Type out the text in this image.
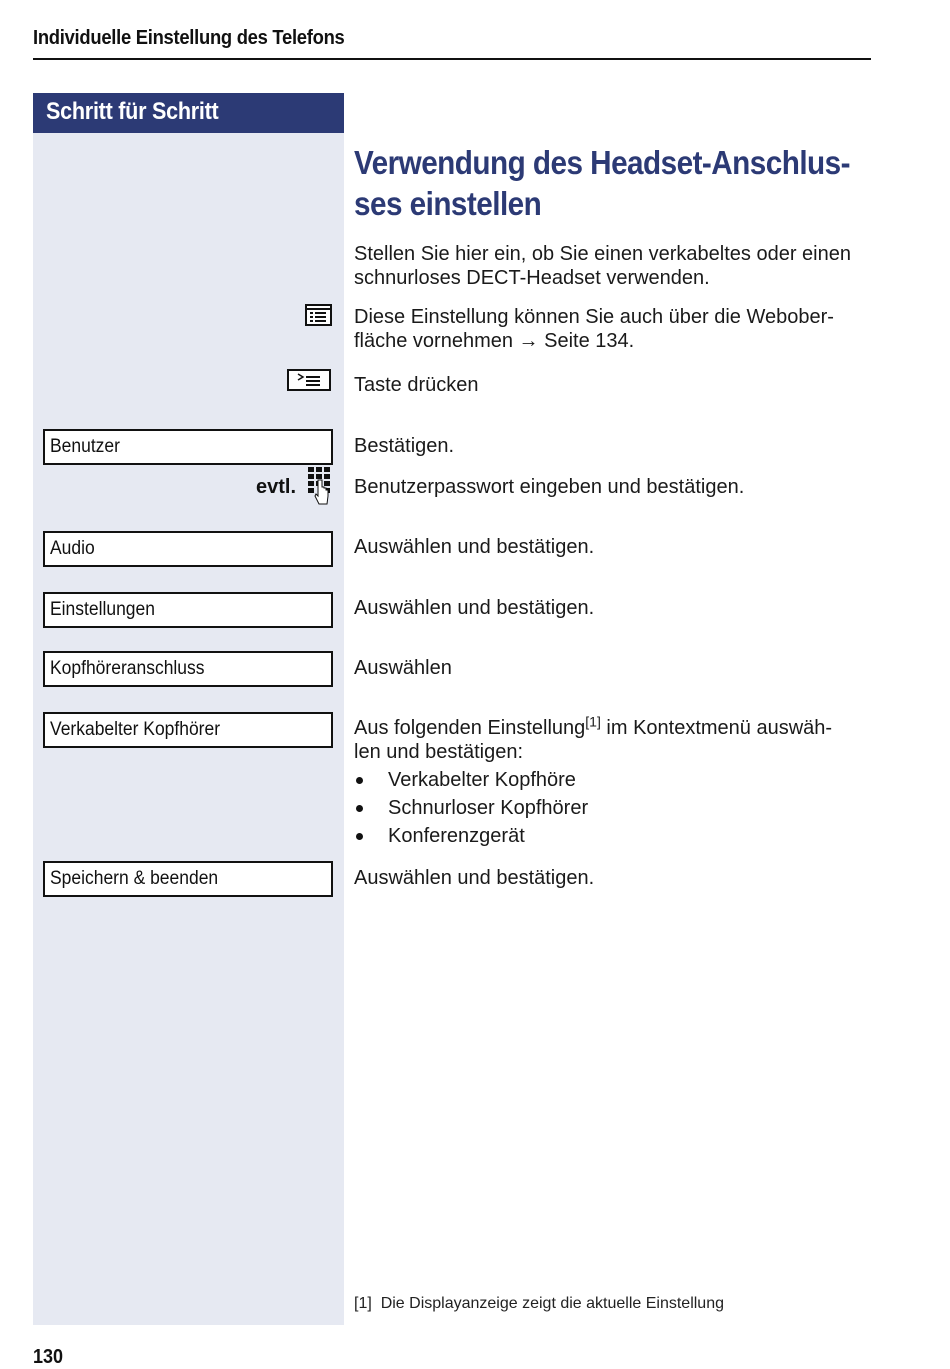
Individuelle Einstellung des Telefons
Schritt für Schritt
Verwendung des Headset-Anschlus-
ses einstellen
Stellen Sie hier ein, ob Sie einen verkabeltes oder einen
schnurloses DECT-Headset verwenden.
Diese Einstellung können Sie auch über die Webober-
fläche vornehmen → Seite 134.
Taste drücken
Benutzer	Bestätigen.
evtl.	Benutzerpasswort eingeben und bestätigen.
Audio	Auswählen und bestätigen.
Einstellungen	Auswählen und bestätigen.
Kopfhöreranschluss	Auswählen
Verkabelter Kopfhörer	Aus folgenden Einstellung[1] im Kontextmenü auswäh-
len und bestätigen:
Verkabelter Kopfhöre
Schnurloser Kopfhörer
Konferenzgerät
Speichern & beenden	Auswählen und bestätigen.
[1] Die Displayanzeige zeigt die aktuelle Einstellung
130
